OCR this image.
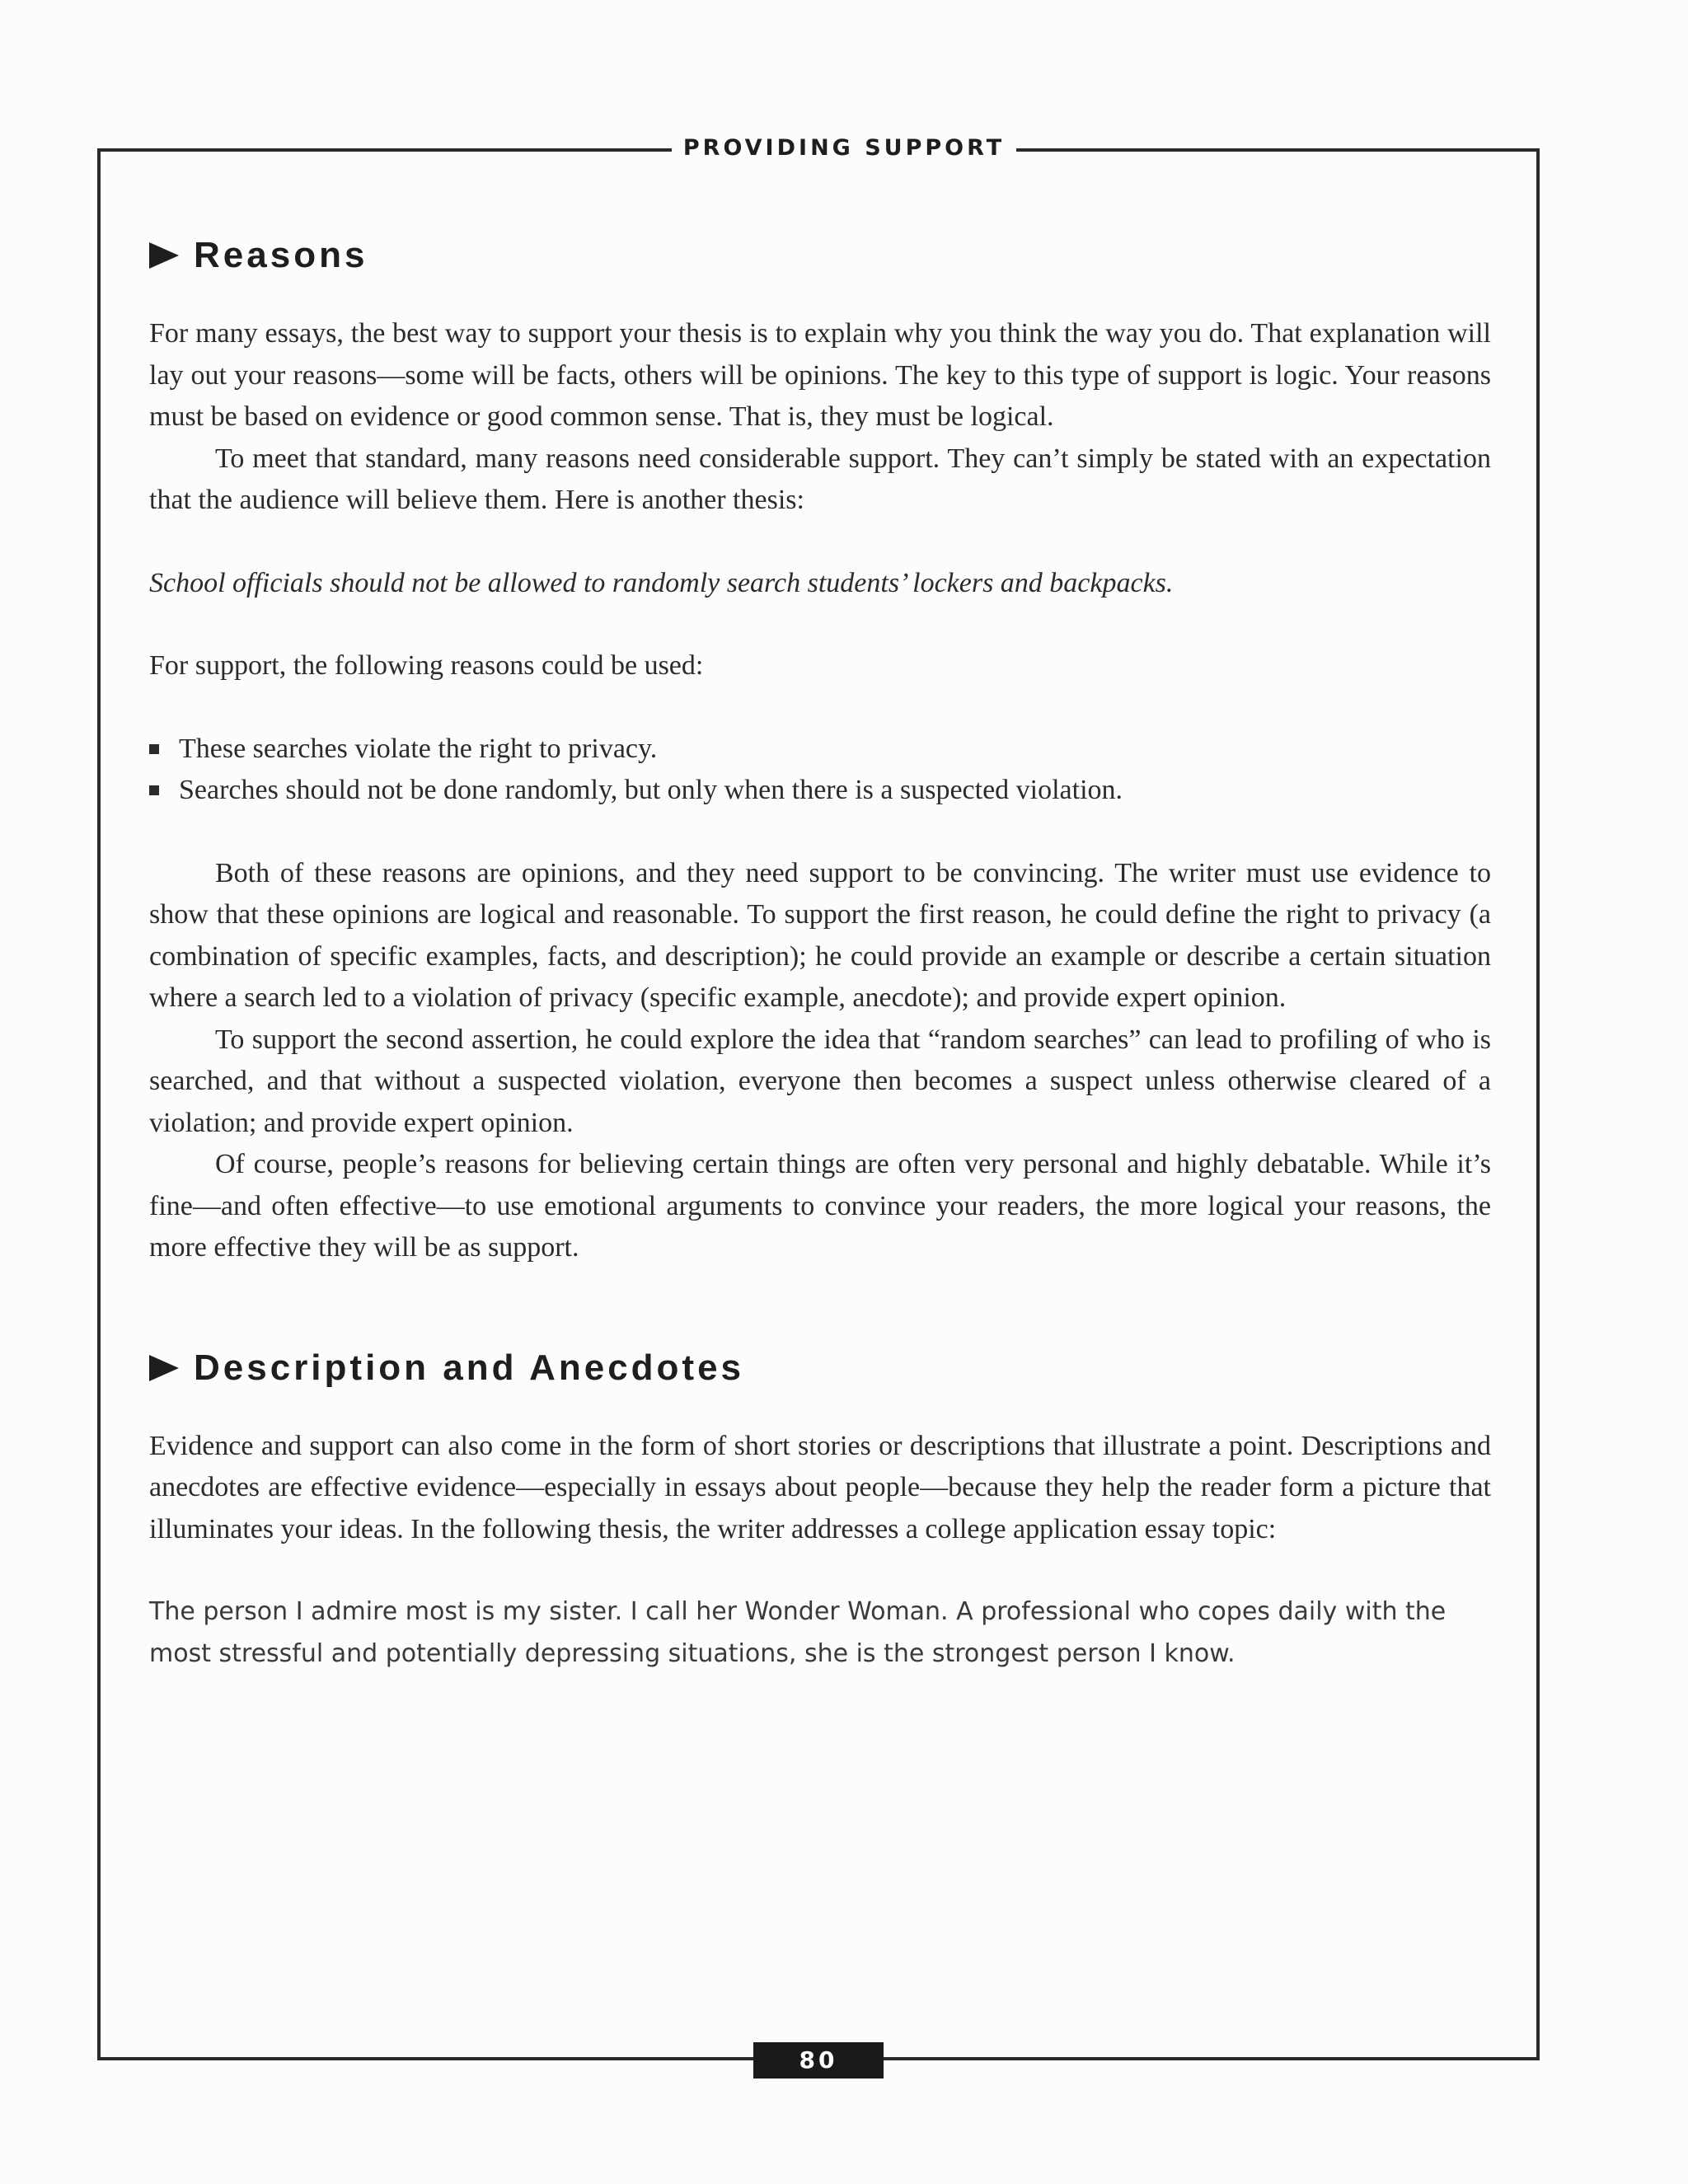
PROVIDING SUPPORT
Reasons

For many essays, the best way to support your thesis is to explain why you think the way you do. That explanation will lay out your reasons—some will be facts, others will be opinions. The key to this type of support is logic. Your reasons must be based on evidence or good common sense. That is, they must be logical.

To meet that standard, many reasons need considerable support. They can’t simply be stated with an expectation that the audience will believe them. Here is another thesis:

School officials should not be allowed to randomly search students’ lockers and backpacks.

For support, the following reasons could be used:

These searches violate the right to privacy.
Searches should not be done randomly, but only when there is a suspected violation.

Both of these reasons are opinions, and they need support to be convincing. The writer must use evidence to show that these opinions are logical and reasonable. To support the first reason, he could define the right to privacy (a combination of specific examples, facts, and description); he could provide an example or describe a certain situation where a search led to a violation of privacy (specific example, anecdote); and provide expert opinion.

To support the second assertion, he could explore the idea that “random searches” can lead to profiling of who is searched, and that without a suspected violation, everyone then becomes a suspect unless otherwise cleared of a violation; and provide expert opinion.

Of course, people’s reasons for believing certain things are often very personal and highly debatable. While it’s fine—and often effective—to use emotional arguments to convince your readers, the more logical your reasons, the more effective they will be as support.

Description and Anecdotes

Evidence and support can also come in the form of short stories or descriptions that illustrate a point. Descriptions and anecdotes are effective evidence—especially in essays about people—because they help the reader form a picture that illuminates your ideas. In the following thesis, the writer addresses a college application essay topic:

The person I admire most is my sister. I call her Wonder Woman. A professional who copes daily with the most stressful and potentially depressing situations, she is the strongest person I know.

80
